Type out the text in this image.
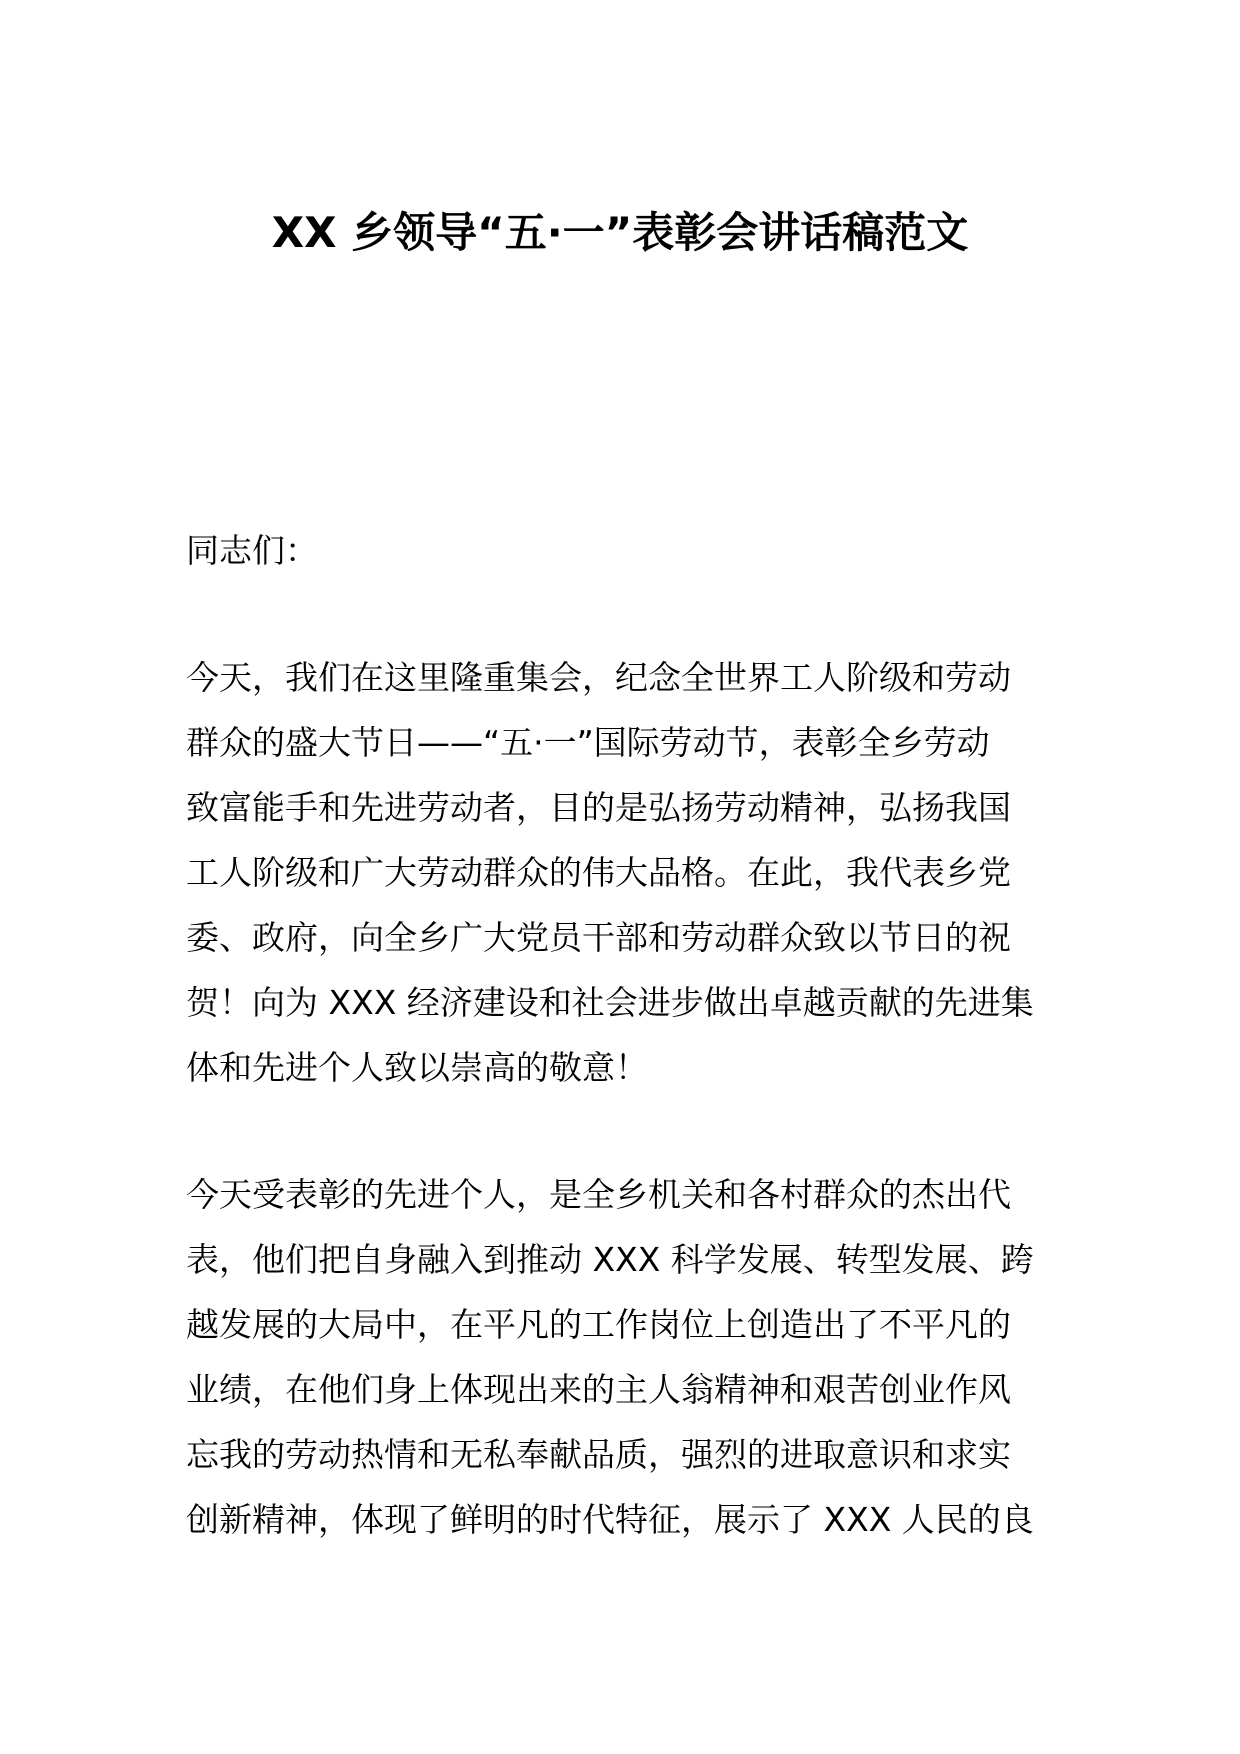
XX 乡领导“五·一”表彰会讲话稿范文

同志们：

今天，我们在这里隆重集会，纪念全世界工人阶级和劳动
群众的盛大节日——“五·一”国际劳动节，表彰全乡劳动
致富能手和先进劳动者，目的是弘扬劳动精神，弘扬我国
工人阶级和广大劳动群众的伟大品格。在此，我代表乡党
委、政府，向全乡广大党员干部和劳动群众致以节日的祝
贺！向为 XXX 经济建设和社会进步做出卓越贡献的先进集
体和先进个人致以崇高的敬意！

今天受表彰的先进个人，是全乡机关和各村群众的杰出代
表，他们把自身融入到推动 XXX 科学发展、转型发展、跨
越发展的大局中，在平凡的工作岗位上创造出了不平凡的
业绩，在他们身上体现出来的主人翁精神和艰苦创业作风
忘我的劳动热情和无私奉献品质，强烈的进取意识和求实
创新精神，体现了鲜明的时代特征，展示了 XXX 人民的良
